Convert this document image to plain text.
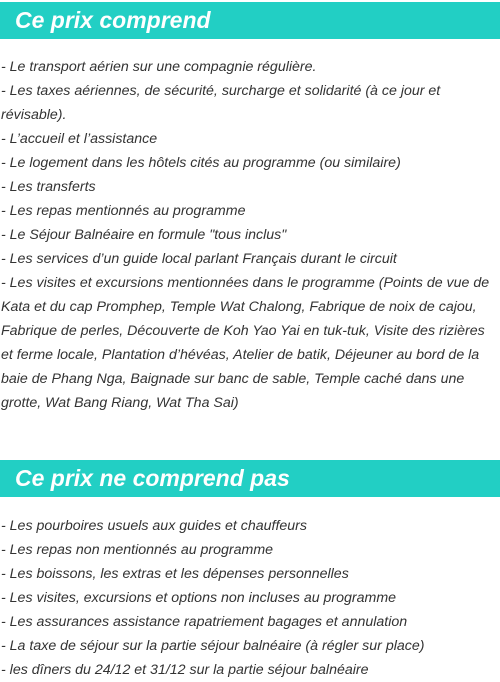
Ce prix comprend
- Le transport aérien sur une compagnie régulière.
- Les taxes aériennes, de sécurité, surcharge et solidarité (à ce jour et révisable).
- L’accueil et l’assistance
- Le logement dans les hôtels cités au programme (ou similaire)
- Les transferts
- Les repas mentionnés au programme
- Le Séjour Balnéaire en formule "tous inclus"
- Les services d’un guide local parlant Français durant le circuit
- Les visites et excursions mentionnées dans le programme (Points de vue de Kata et du cap Promphep, Temple Wat Chalong, Fabrique de noix de cajou, Fabrique de perles, Découverte de Koh Yao Yai en tuk-tuk, Visite des rizières et ferme locale, Plantation d’hévéas, Atelier de batik, Déjeuner au bord de la baie de Phang Nga, Baignade sur banc de sable, Temple caché dans une grotte, Wat Bang Riang, Wat Tha Sai)
Ce prix ne comprend pas
- Les pourboires usuels aux guides et chauffeurs
- Les repas non mentionnés au programme
- Les boissons, les extras et les dépenses personnelles
- Les visites, excursions et options non incluses au programme
- Les assurances assistance rapatriement bagages et annulation
- La taxe de séjour sur la partie séjour balnéaire (à régler sur place)
- les dîners du 24/12 et 31/12 sur la partie séjour balnéaire
